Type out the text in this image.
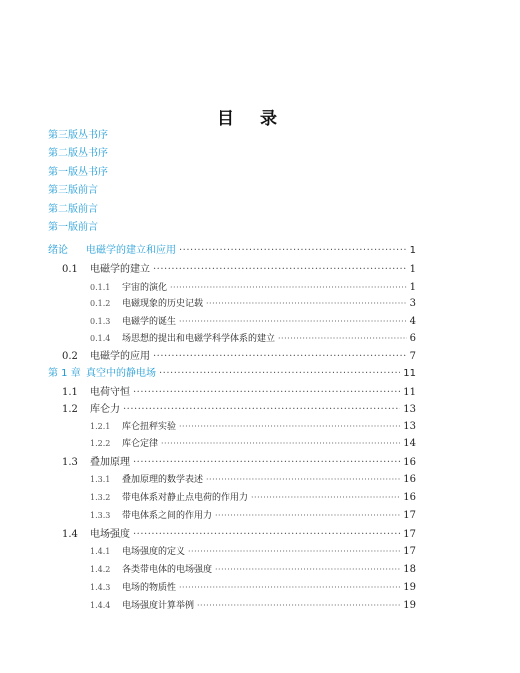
目录
第三版丛书序
第二版丛书序
第一版丛书序
第三版前言
第二版前言
第一版前言
绪论	电磁学的建立和应用 ·····	1
0.1	电磁学的建立 ·····	1
0.1.1	宇宙的演化 ·····	1
0.1.2	电磁现象的历史记载 ·····	3
0.1.3	电磁学的诞生 ·····	4
0.1.4	场思想的提出和电磁学科学体系的建立 ·····	6
0.2	电磁学的应用 ·····	7
第 1 章 真空中的静电场 ·····	11
1.1	电荷守恒 ·····	11
1.2	库仑力 ·····	13
1.2.1	库仑扭秤实验 ·····	13
1.2.2	库仑定律 ·····	14
1.3	叠加原理 ·····	16
1.3.1	叠加原理的数学表述 ·····	16
1.3.2	带电体系对静止点电荷的作用力 ·····	16
1.3.3	带电体系之间的作用力 ·····	17
1.4	电场强度 ·····	17
1.4.1	电场强度的定义 ·····	17
1.4.2	各类带电体的电场强度 ·····	18
1.4.3	电场的物质性 ·····	19
1.4.4	电场强度计算举例 ·····	19
